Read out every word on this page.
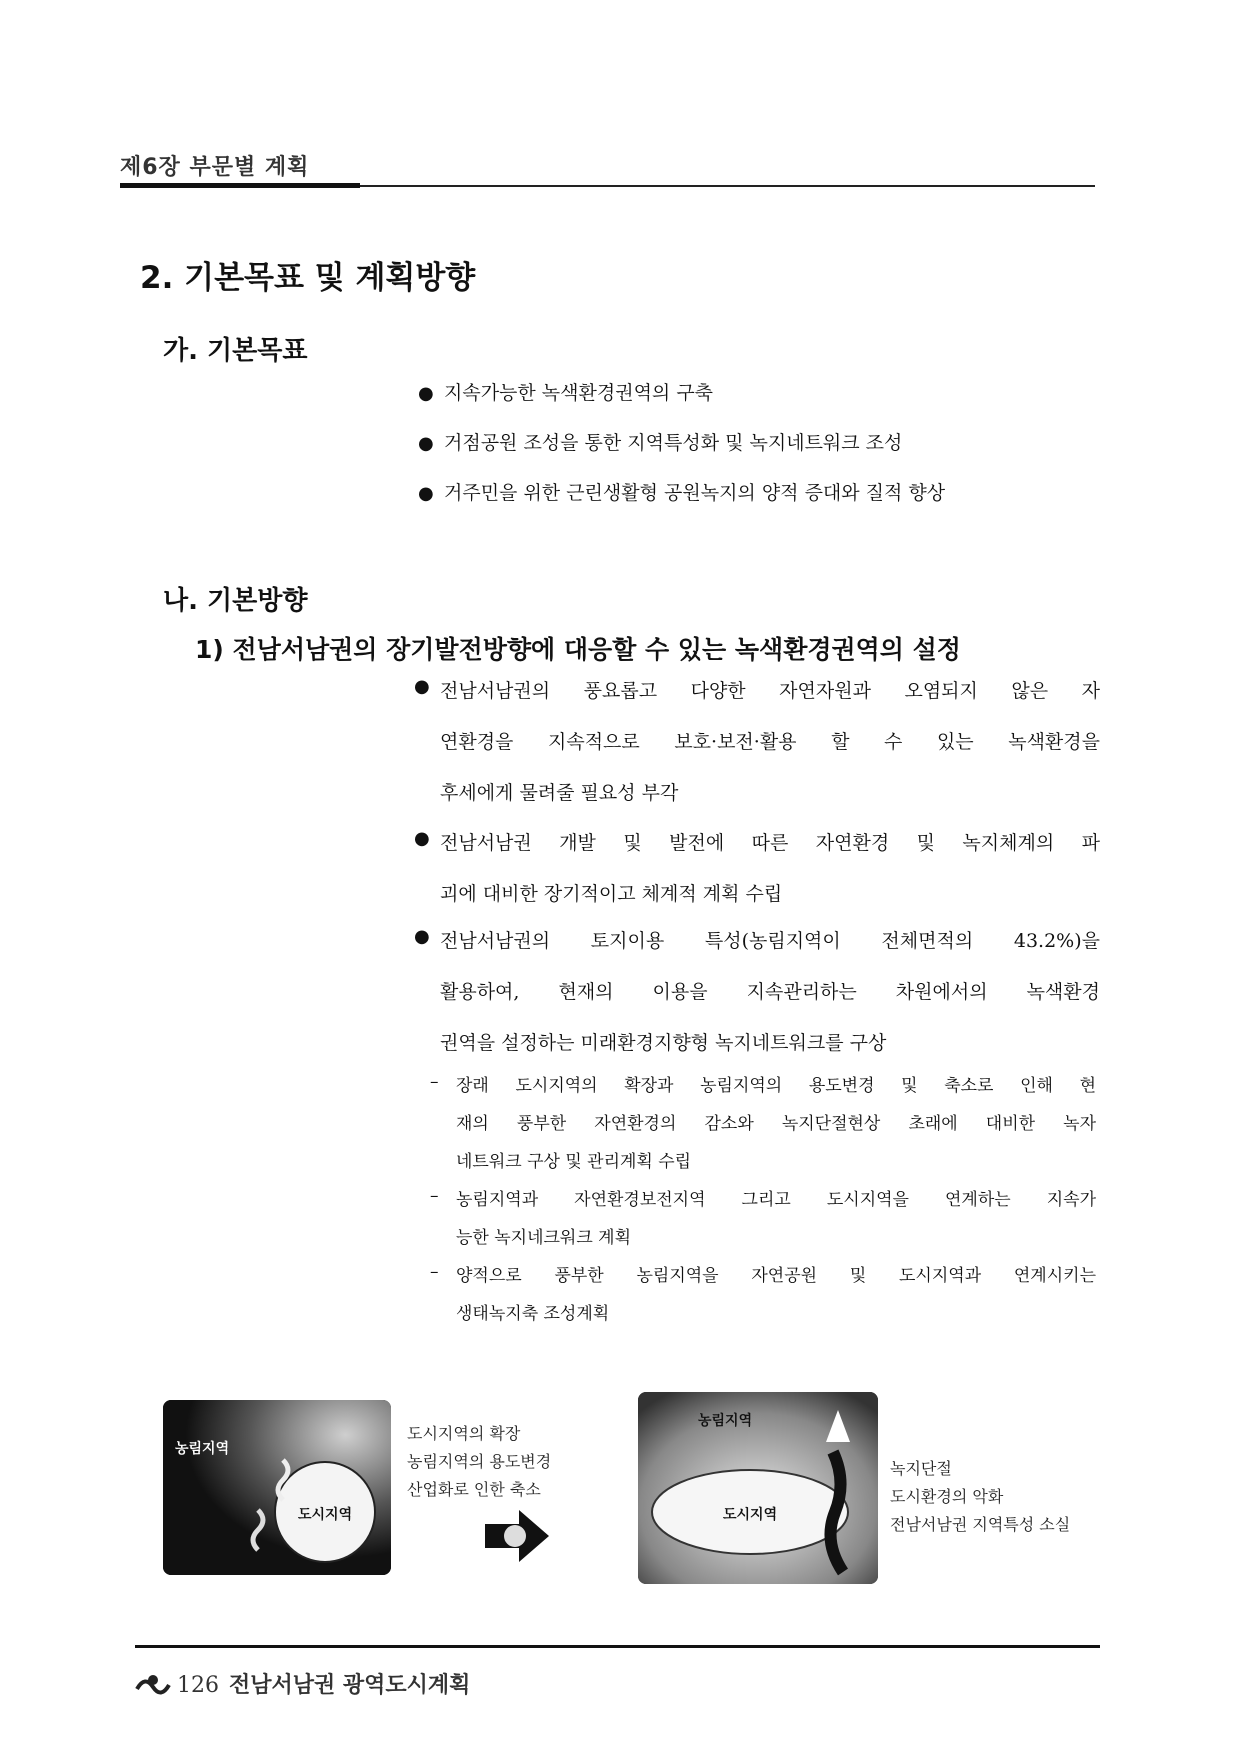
제6장 부문별 계획
2. 기본목표 및 계획방향
가. 기본목표
● 지속가능한 녹색환경권역의 구축
● 거점공원 조성을 통한 지역특성화 및 녹지네트워크 조성
● 거주민을 위한 근린생활형 공원녹지의 양적 증대와 질적 향상
나. 기본방향
1) 전남서남권의 장기발전방향에 대응할 수 있는 녹색환경권역의 설정
● 전남서남권의 풍요롭고 다양한 자연자원과 오염되지 않은 자
연환경을 지속적으로 보호·보전·활용 할 수 있는 녹색환경을
후세에게 물려줄 필요성 부각
● 전남서남권 개발 및 발전에 따른 자연환경 및 녹지체계의 파
괴에 대비한 장기적이고 체계적 계획 수립
● 전남서남권의 토지이용 특성(농림지역이 전체면적의 43.2%)을
활용하여, 현재의 이용을 지속관리하는 차원에서의 녹색환경
권역을 설정하는 미래환경지향형 녹지네트워크를 구상
– 장래 도시지역의 확장과 농림지역의 용도변경 및 축소로 인해 현
재의 풍부한 자연환경의 감소와 녹지단절현상 초래에 대비한 녹자
네트워크 구상 및 관리계획 수립
– 농림지역과 자연환경보전지역 그리고 도시지역을 연계하는 지속가
능한 녹지네크워크 계획
– 양적으로 풍부한 농림지역을 자연공원 및 도시지역과 연계시키는
생태녹지축 조성계획
농림지역
도시지역
도시지역의 확장
농림지역의 용도변경
산업화로 인한 축소
농림지역
도시지역
녹지단절
도시환경의 악화
전남서남권 지역특성 소실
126 전남서남권 광역도시계획
